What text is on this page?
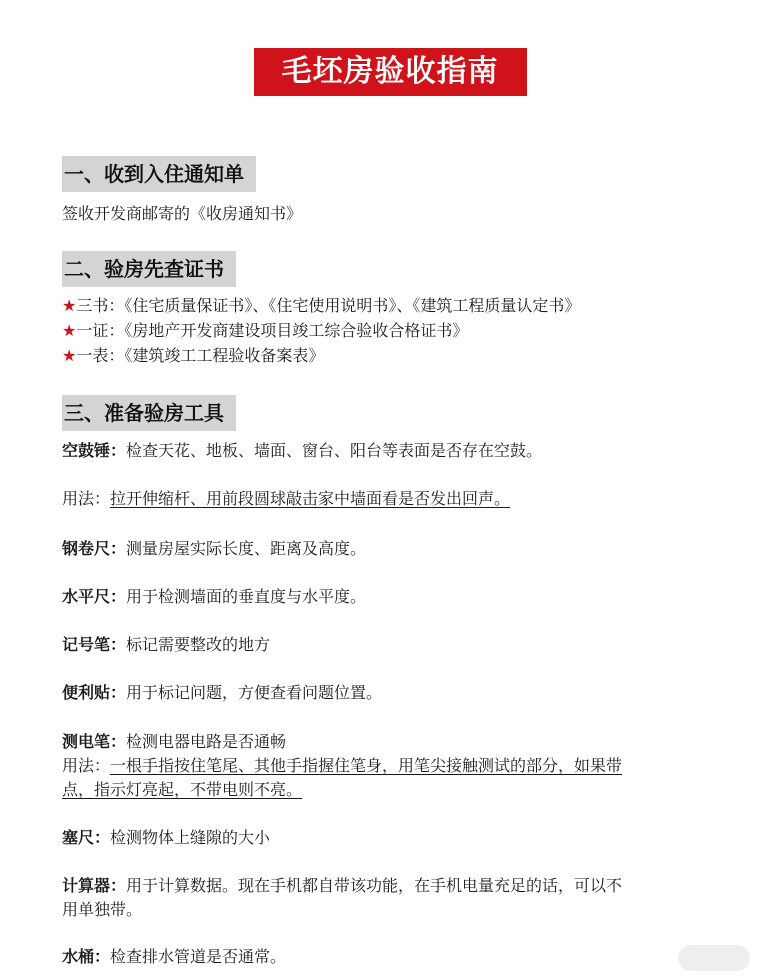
毛坯房验收指南
一、收到入住通知单
签收开发商邮寄的《收房通知书》
二、验房先查证书
★三书：《住宅质量保证书》、《住宅使用说明书》、《建筑工程质量认定书》
★一证：《房地产开发商建设项目竣工综合验收合格证书》
★一表：《建筑竣工工程验收备案表》
三、准备验房工具
空鼓锤：检查天花、地板、墙面、窗台、阳台等表面是否存在空鼓。
用法：拉开伸缩杆、用前段圆球敲击家中墙面看是否发出回声。
钢卷尺：测量房屋实际长度、距离及高度。
水平尺：用于检测墙面的垂直度与水平度。
记号笔：标记需要整改的地方
便利贴：用于标记问题，方便查看问题位置。
测电笔：检测电器电路是否通畅
用法：一根手指按住笔尾、其他手指握住笔身，用笔尖接触测试的部分，如果带
点，指示灯亮起，不带电则不亮。
塞尺：检测物体上缝隙的大小
计算器：用于计算数据。现在手机都自带该功能，在手机电量充足的话，可以不
用单独带。
水桶：检查排水管道是否通常。
